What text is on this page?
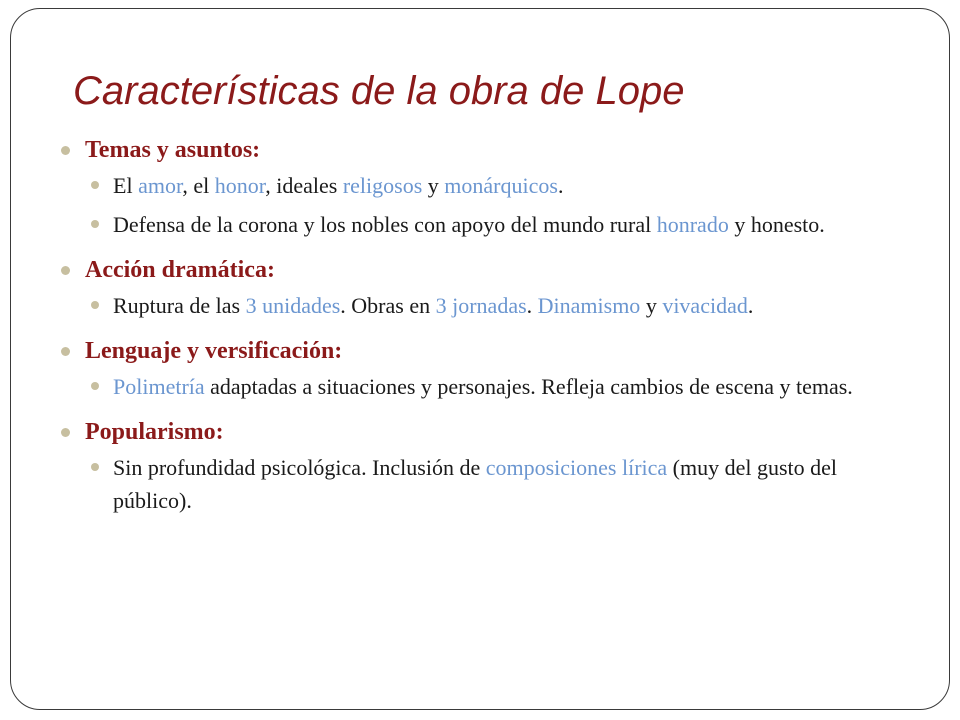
Características de la obra de Lope
Temas y asuntos:
El amor, el honor, ideales religosos y monárquicos.
Defensa de la corona y los nobles con apoyo del mundo rural honrado y honesto.
Acción dramática:
Ruptura de las 3 unidades. Obras en 3 jornadas. Dinamismo y vivacidad.
Lenguaje y versificación:
Polimetría adaptadas a situaciones y personajes. Refleja cambios de escena y temas.
Popularismo:
Sin profundidad psicológica. Inclusión de composiciones lírica (muy del gusto del público).
